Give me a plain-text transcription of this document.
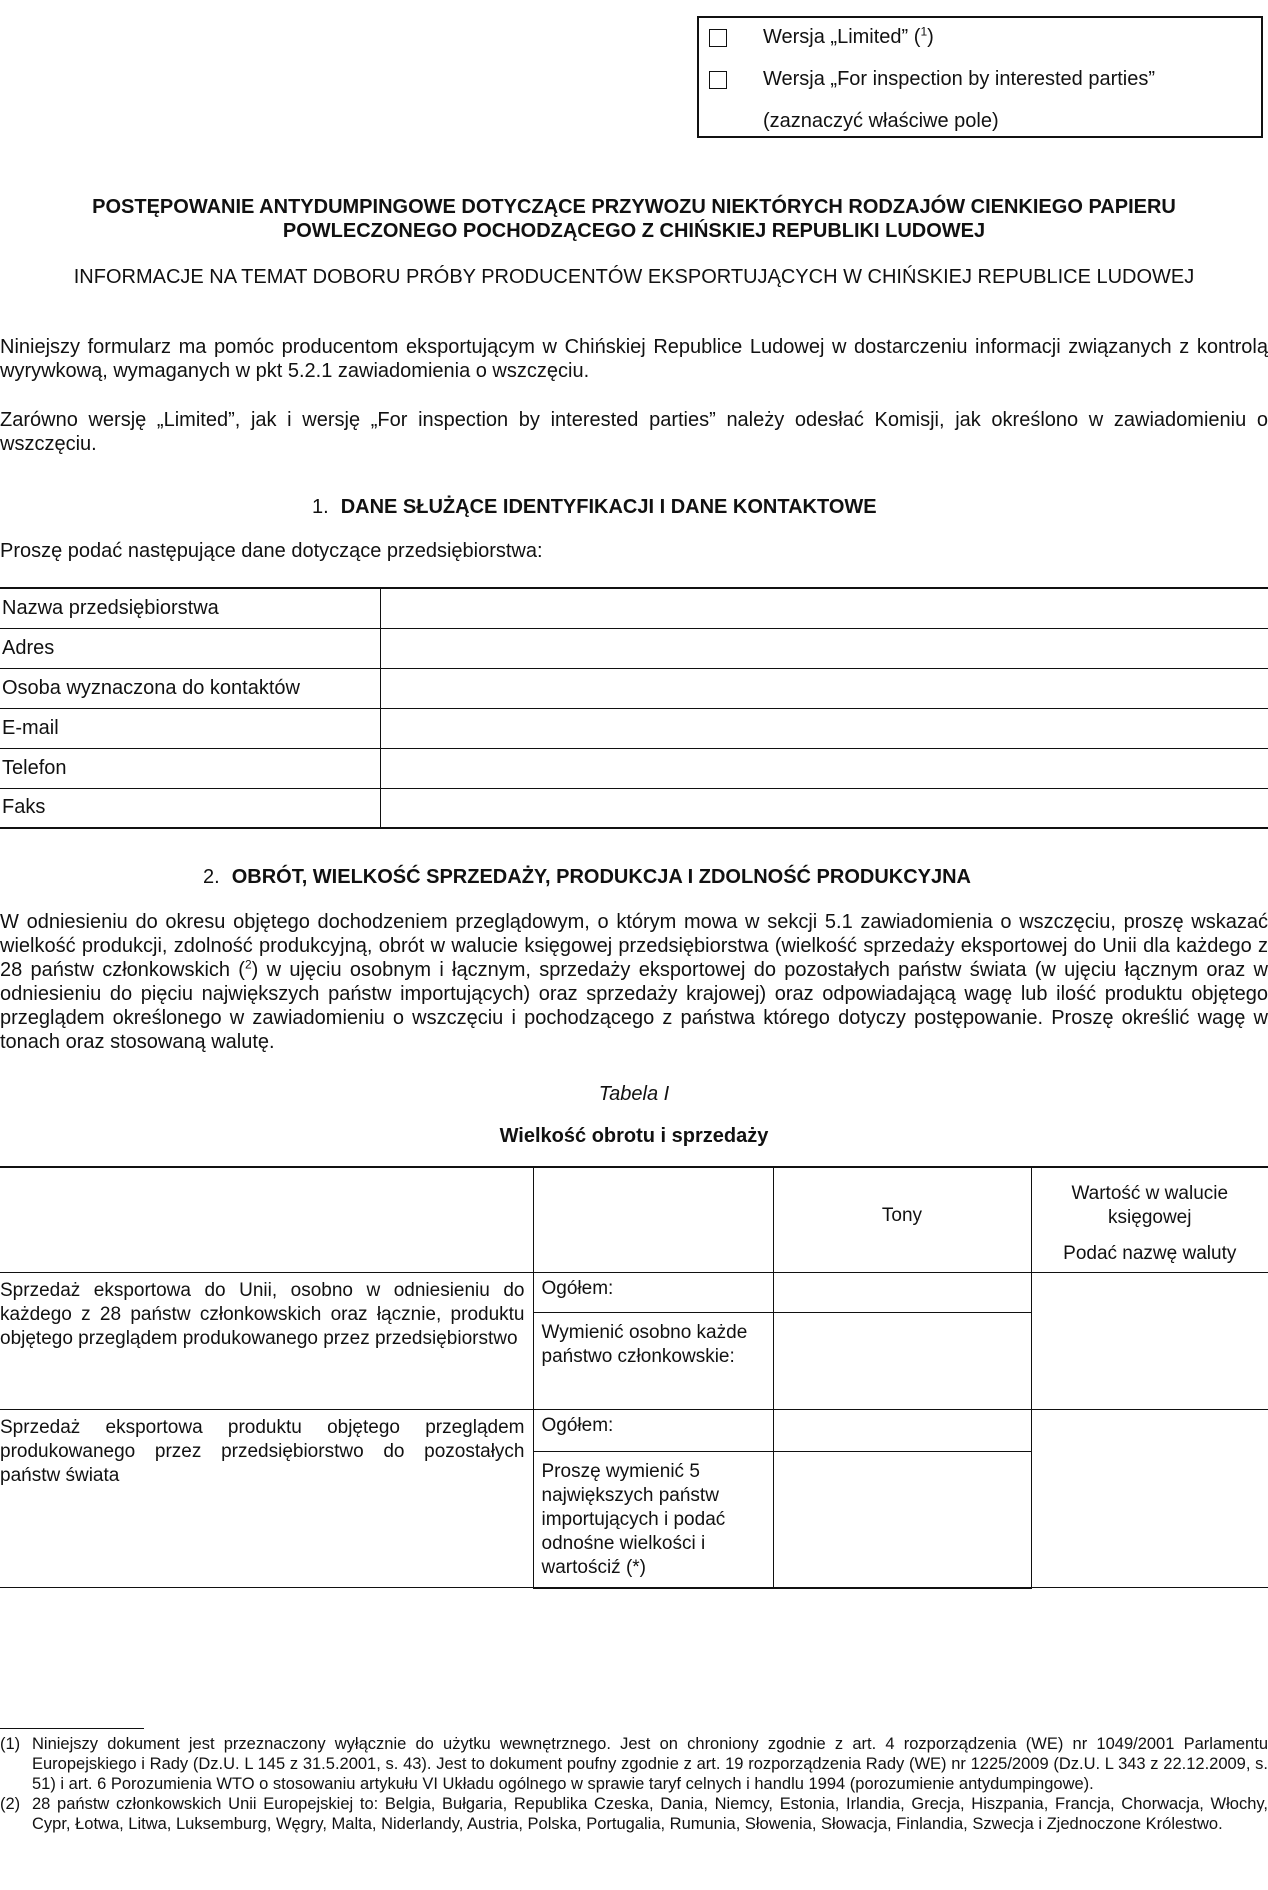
Wersja „Limited” ($^1$)
Wersja „For inspection by interested parties”
(zaznaczyć właściwe pole)
POSTĘPOWANIE ANTYDUMPINGOWE DOTYCZĄCE PRZYWOZU NIEKTÓRYCH RODZAJÓW CIENKIEGO PAPIERU
POWLECZONEGO POCHODZĄCEGO Z CHIŃSKIEJ REPUBLIKI LUDOWEJ
INFORMACJE NA TEMAT DOBORU PRÓBY PRODUCENTÓW EKSPORTUJĄCYCH W CHIŃSKIEJ REPUBLICE LUDOWEJ
Niniejszy formularz ma pomóc producentom eksportującym w Chińskiej Republice Ludowej w dostarczeniu informacji związanych z kontrolą wyrywkową, wymaganych w pkt 5.2.1 zawiadomienia o wszczęciu.
Zarówno wersję „Limited”, jak i wersję „For inspection by interested parties” należy odesłać Komisji, jak określono w zawiadomieniu o wszczęciu.
1. DANE SŁUŻĄCE IDENTYFIKACJI I DANE KONTAKTOWE
Proszę podać następujące dane dotyczące przedsiębiorstwa:
Nazwa przedsiębiorstwa	
Adres	
Osoba wyznaczona do kontaktów	
E-mail	
Telefon	
Faks	
2. OBRÓT, WIELKOŚĆ SPRZEDAŻY, PRODUKCJA I ZDOLNOŚĆ PRODUKCYJNA
W odniesieniu do okresu objętego dochodzeniem przeglądowym, o którym mowa w sekcji 5.1 zawiadomienia o wszczęciu, proszę wskazać wielkość produkcji, zdolność produkcyjną, obrót w walucie księgowej przedsiębiorstwa (wielkość sprzedaży eksportowej do Unii dla każdego z 28 państw członkowskich ($^2$) w ujęciu osobnym i łącznym, sprzedaży eksportowej do pozostałych państw świata (w ujęciu łącznym oraz w odniesieniu do pięciu największych państw importujących) oraz sprzedaży krajowej) oraz odpowiadającą wagę lub ilość produktu objętego przeglądem określonego w zawiadomieniu o wszczęciu i pochodzącego z państwa którego dotyczy postępowanie. Proszę określić wagę w tonach oraz stosowaną walutę.
Tabela I
Wielkość obrotu i sprzedaży
		Tony	Wartość w walucie księgowej

Podać nazwę waluty

Sprzedaż eksportowa do Unii, osobno w odniesieniu do każdego z 28 państw członkowskich oraz łącznie, produktu objętego przeglądem produkowanego przez przedsiębiorstwo	Ogółem:		
	Wymienić osobno każde państwo członkowskie:		
Sprzedaż eksportowa produktu objętego przeglądem produkowanego przez przedsiębiorstwo do pozostałych państw świata	Ogółem:		
	Proszę wymienić 5 największych państw importujących i podać odnośne wielkości i wartościź (*)		
(1) Niniejszy dokument jest przeznaczony wyłącznie do użytku wewnętrznego. Jest on chroniony zgodnie z art. 4 rozporządzenia (WE) nr 1049/2001 Parlamentu Europejskiego i Rady (Dz.U. L 145 z 31.5.2001, s. 43). Jest to dokument poufny zgodnie z art. 19 rozporządzenia Rady (WE) nr 1225/2009 (Dz.U. L 343 z 22.12.2009, s. 51) i art. 6 Porozumienia WTO o stosowaniu artykułu VI Układu ogólnego w sprawie taryf celnych i handlu 1994 (porozumienie antydumpingowe).
(2) 28 państw członkowskich Unii Europejskiej to: Belgia, Bułgaria, Republika Czeska, Dania, Niemcy, Estonia, Irlandia, Grecja, Hiszpania, Francja, Chorwacja, Włochy, Cypr, Łotwa, Litwa, Luksemburg, Węgry, Malta, Niderlandy, Austria, Polska, Portugalia, Rumunia, Słowenia, Słowacja, Finlandia, Szwecja i Zjednoczone Królestwo.
